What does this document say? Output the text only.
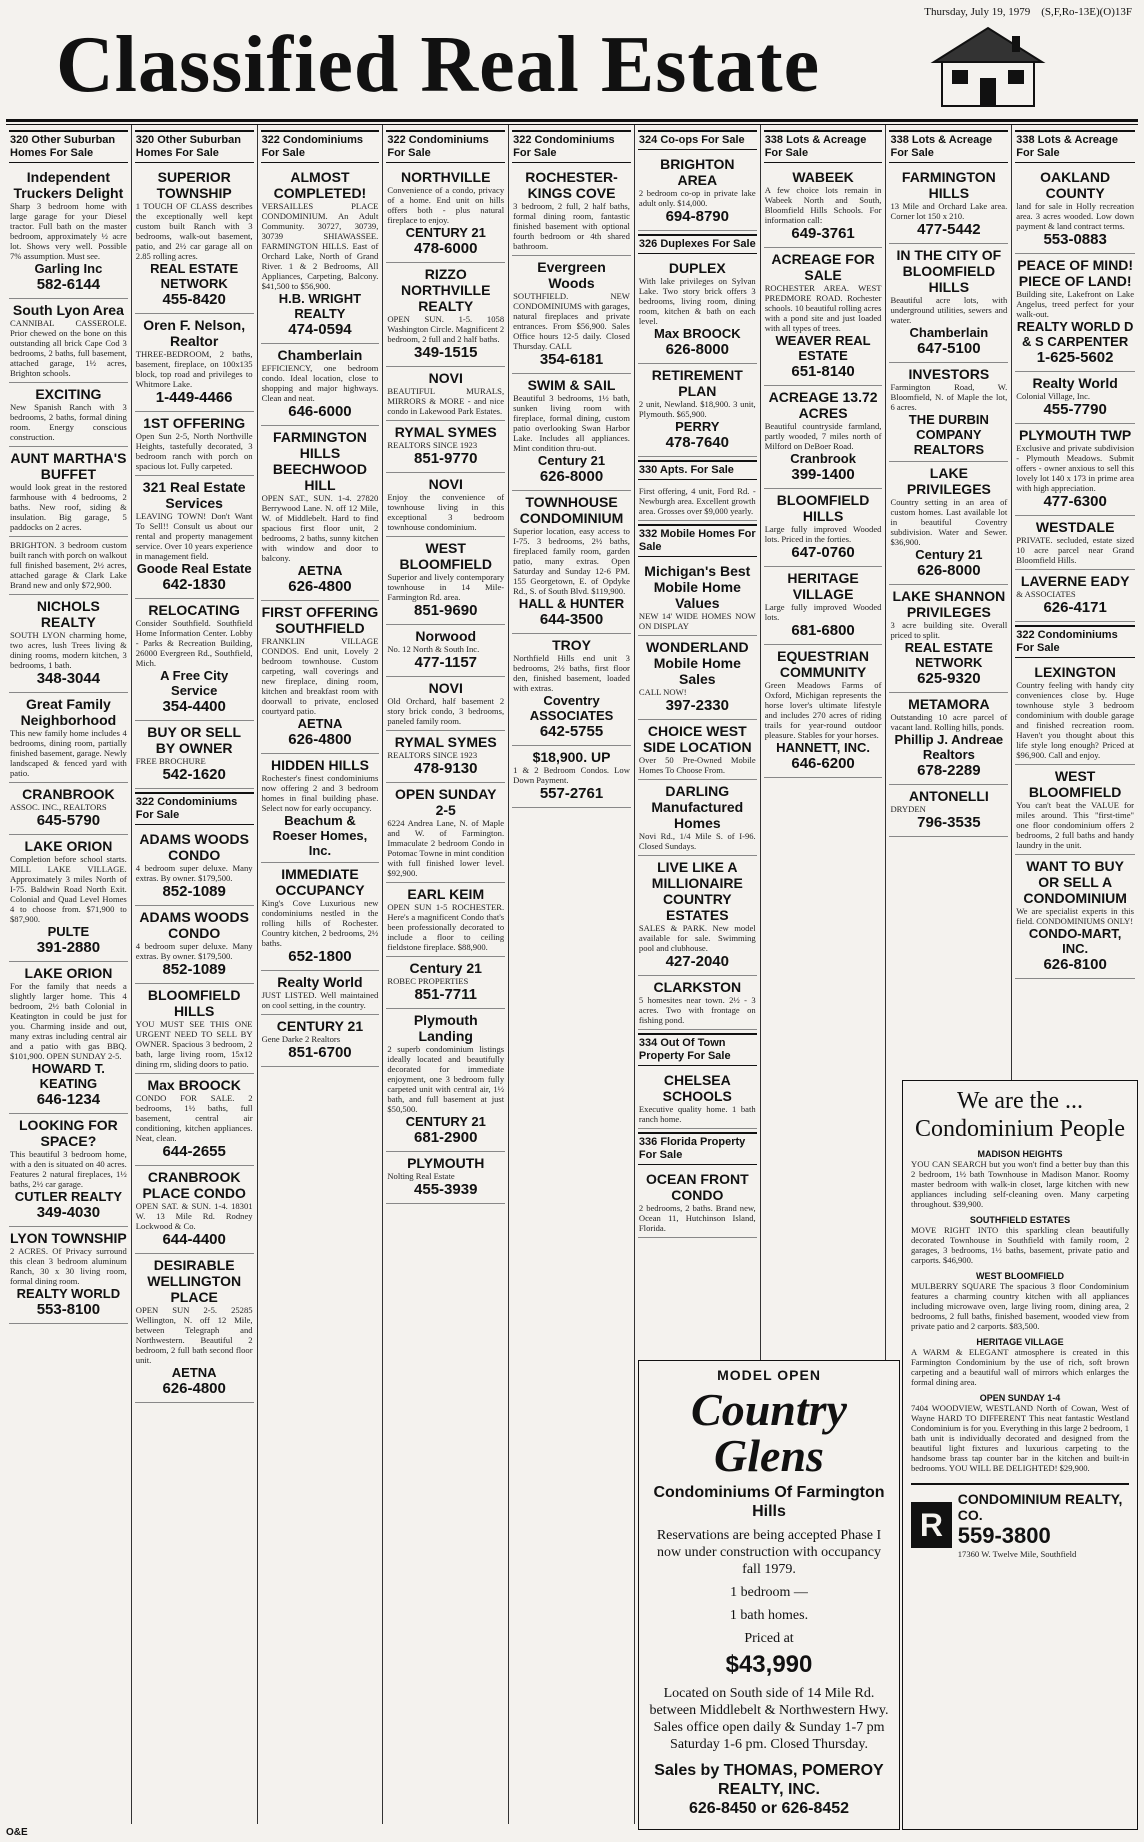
Thursday, July 19, 1979 (S,F,Ro-13E)(O)13F
Classified Real Estate
320 Other Suburban Homes For Sale
Independent Truckers Delight
Sharp 3 bedroom home with large garage for your Diesel tractor. Full bath on the master bedroom, approximately ½ acre lot. Shows very well. Possible 7% assumption. Must see.
Garling Inc
582-6144
South Lyon Area
CANNIBAL CASSEROLE. Prior chewed on the bone on this outstanding all brick Cape Cod 3 bedrooms, 2 baths, full basement, attached garage, 1½ acres, Brighton schools.
EXCITING
New Spanish Ranch with 3 bedrooms, 2 baths, formal dining room. Energy conscious construction.
AUNT MARTHA'S BUFFET
would look great in the restored farmhouse with 4 bedrooms, 2 baths. New roof, siding & insulation. Big garage, 5 paddocks on 2 acres.
BRIGHTON. 3 bedroom custom built ranch with porch on walkout full finished basement, 2½ acres, attached garage & Clark Lake Brand new and only $72,900.
NICHOLS REALTY
SOUTH LYON charming home, two acres, lush Trees living & dining rooms, modern kitchen, 3 bedrooms, 1 bath.
348-3044
Great Family Neighborhood
This new family home includes 4 bedrooms, dining room, partially finished basement, garage. Newly landscaped & fenced yard with patio.
CRANBROOK
ASSOC. INC., REALTORS
645-5790
LAKE ORION
Completion before school starts. MILL LAKE VILLAGE. Approximately 3 miles North of I-75. Baldwin Road North Exit. Colonial and Quad Level Homes 4 to choose from. $71,900 to $87,900.
PULTE
391-2880
LAKE ORION
For the family that needs a slightly larger home. This 4 bedroom, 2½ bath Colonial in Keatington in could be just for you. Charming inside and out, many extras including central air and a patio with gas BBQ. $101,900. OPEN SUNDAY 2-5.
HOWARD T. KEATING
646-1234
LOOKING FOR SPACE?
This beautiful 3 bedroom home, with a den is situated on 40 acres. Features 2 natural fireplaces, 1½ baths, 2½ car garage.
CUTLER REALTY
349-4030
LYON TOWNSHIP
2 ACRES. Of Privacy surround this clean 3 bedroom aluminum Ranch, 30 x 30 living room, formal dining room.
REALTY WORLD
553-8100
320 Other Suburban Homes For Sale
SUPERIOR TOWNSHIP
1 TOUCH OF CLASS describes the exceptionally well kept custom built Ranch with 3 bedrooms, walk-out basement, patio, and 2½ car garage all on 2.85 rolling acres.
REAL ESTATE NETWORK
455-8420
Oren F. Nelson, Realtor
THREE-BEDROOM, 2 baths, basement, fireplace, on 100x135 block, top road and privileges to Whitmore Lake.
1-449-4466
1ST OFFERING
Open Sun 2-5, North Northville Heights, tastefully decorated, 3 bedroom ranch with porch on spacious lot. Fully carpeted.
321 Real Estate Services
LEAVING TOWN! Don't Want To Sell!! Consult us about our rental and property management service. Over 10 years experience in management field.
Goode Real Estate
642-1830
RELOCATING
Consider Southfield. Southfield Home Information Center. Lobby - Parks & Recreation Building, 26000 Evergreen Rd., Southfield, Mich.
A Free City Service
354-4400
BUY OR SELL BY OWNER
FREE BROCHURE
542-1620
322 Condominiums For Sale
ADAMS WOODS CONDO
4 bedroom super deluxe. Many extras. By owner. $179,500.
852-1089
ADAMS WOODS CONDO
4 bedroom super deluxe. Many extras. By owner. $179,500.
852-1089
BLOOMFIELD HILLS
YOU MUST SEE THIS ONE URGENT NEED TO SELL BY OWNER. Spacious 3 bedroom, 2 bath, large living room, 15x12 dining rm, sliding doors to patio.
Max BROOCK
CONDO FOR SALE. 2 bedrooms, 1½ baths, full basement, central air conditioning, kitchen appliances. Neat, clean.
644-2655
CRANBROOK PLACE CONDO
OPEN SAT. & SUN. 1-4. 18301 W. 13 Mile Rd. Rodney Lockwood & Co.
644-4400
DESIRABLE WELLINGTON PLACE
OPEN SUN 2-5. 25285 Wellington, N. off 12 Mile, between Telegraph and Northwestern. Beautiful 2 bedroom, 2 full bath second floor unit.
AETNA
626-4800
322 Condominiums For Sale
ALMOST COMPLETED!
VERSAILLES PLACE CONDOMINIUM. An Adult Community. 30727, 30739, 30739 SHIAWASSEE. FARMINGTON HILLS. East of Orchard Lake, North of Grand River. 1 & 2 Bedrooms, All Appliances, Carpeting, Balcony. $41,500 to $56,900.
H.B. WRIGHT REALTY
474-0594
Chamberlain
EFFICIENCY, one bedroom condo. Ideal location, close to shopping and major highways. Clean and neat.
646-6000
FARMINGTON HILLS BEECHWOOD HILL
OPEN SAT., SUN. 1-4. 27820 Berrywood Lane. N. off 12 Mile, W. of Middlebelt. Hard to find spacious first floor unit, 2 bedrooms, 2 baths, sunny kitchen with window and door to balcony.
AETNA
626-4800
FIRST OFFERING SOUTHFIELD
FRANKLIN VILLAGE CONDOS. End unit, Lovely 2 bedroom townhouse. Custom carpeting, wall coverings and new fireplace, dining room, kitchen and breakfast room with doorwall to private, enclosed courtyard patio.
AETNA
626-4800
HIDDEN HILLS
Rochester's finest condominiums now offering 2 and 3 bedroom homes in final building phase. Select now for early occupancy.
Beachum & Roeser Homes, Inc.
IMMEDIATE OCCUPANCY
King's Cove Luxurious new condominiums nestled in the rolling hills of Rochester. Country kitchen, 2 bedrooms, 2½ baths.
652-1800
Realty World
JUST LISTED. Well maintained on cool setting, in the country.
CENTURY 21
Gene Darke 2 Realtors
851-6700
322 Condominiums For Sale
NORTHVILLE
Convenience of a condo, privacy of a home. End unit on hills offers both - plus natural fireplace to enjoy.
CENTURY 21
478-6000
RIZZO NORTHVILLE REALTY
OPEN SUN. 1-5. 1058 Washington Circle. Magnificent 2 bedroom, 2 full and 2 half baths.
349-1515
NOVI
BEAUTIFUL MURALS, MIRRORS & MORE - and nice condo in Lakewood Park Estates.
RYMAL SYMES
REALTORS SINCE 1923
851-9770
NOVI
Enjoy the convenience of townhouse living in this exceptional 3 bedroom townhouse condominium.
WEST BLOOMFIELD
Superior and lively contemporary townhouse in 14 Mile-Farmington Rd. area.
851-9690
Norwood
No. 12 North & South Inc.
477-1157
NOVI
Old Orchard, half basement 2 story brick condo, 3 bedrooms, paneled family room.
RYMAL SYMES
REALTORS SINCE 1923
478-9130
OPEN SUNDAY 2-5
6224 Andrea Lane, N. of Maple and W. of Farmington. Immaculate 2 bedroom Condo in Potomac Towne in mint condition with full finished lower level. $92,900.
EARL KEIM
OPEN SUN 1-5 ROCHESTER. Here's a magnificent Condo that's been professionally decorated to include a floor to ceiling fieldstone fireplace. $88,900.
Century 21
ROBEC PROPERTIES
851-7711
Plymouth Landing
2 superb condominium listings ideally located and beautifully decorated for immediate enjoyment, one 3 bedroom fully carpeted unit with central air, 1½ bath, and full basement at just $50,500.
CENTURY 21
681-2900
PLYMOUTH
Nolting Real Estate
455-3939
322 Condominiums For Sale
ROCHESTER-KINGS COVE
3 bedroom, 2 full, 2 half baths, formal dining room, fantastic finished basement with optional fourth bedroom or 4th shared bathroom.
Evergreen Woods
SOUTHFIELD. NEW CONDOMINIUMS with garages, natural fireplaces and private entrances. From $56,900. Sales Office hours 12-5 daily. Closed Thursday. CALL
354-6181
SWIM & SAIL
Beautiful 3 bedrooms, 1½ bath, sunken living room with fireplace, formal dining, custom patio overlooking Swan Harbor Lake. Includes all appliances. Mint condition thru-out.
Century 21
626-8000
TOWNHOUSE CONDOMINIUM
Superior location, easy access to I-75. 3 bedrooms, 2½ baths, fireplaced family room, garden patio, many extras. Open Saturday and Sunday 12-6 PM. 155 Georgetown, E. of Opdyke Rd., S. of South Blvd. $119,900.
HALL & HUNTER
644-3500
TROY
Northfield Hills end unit 3 bedrooms, 2½ baths, first floor den, finished basement, loaded with extras.
Coventry ASSOCIATES
642-5755
$18,900. UP
1 & 2 Bedroom Condos. Low Down Payment.
557-2761
324 Co-ops For Sale
BRIGHTON AREA
2 bedroom co-op in private lake adult only. $14,000.
694-8790
326 Duplexes For Sale
DUPLEX
With lake privileges on Sylvan Lake. Two story brick offers 3 bedrooms, living room, dining room, kitchen & bath on each level.
Max BROOCK
626-8000
RETIREMENT PLAN
2 unit, Newland. $18,900. 3 unit, Plymouth. $65,900.
PERRY
478-7640
330 Apts. For Sale
First offering, 4 unit, Ford Rd. - Newburgh area. Excellent growth area. Grosses over $9,000 yearly.
332 Mobile Homes For Sale
Michigan's Best Mobile Home Values
NEW 14' WIDE HOMES NOW ON DISPLAY
WONDERLAND Mobile Home Sales
CALL NOW!
397-2330
CHOICE WEST SIDE LOCATION
Over 50 Pre-Owned Mobile Homes To Choose From.
DARLING Manufactured Homes
Novi Rd., 1/4 Mile S. of I-96. Closed Sundays.
LIVE LIKE A MILLIONAIRE COUNTRY ESTATES
SALES & PARK. New model available for sale. Swimming pool and clubhouse.
427-2040
CLARKSTON
5 homesites near town. 2½ - 3 acres. Two with frontage on fishing pond.
334 Out Of Town Property For Sale
CHELSEA SCHOOLS
Executive quality home. 1 bath ranch home.
336 Florida Property For Sale
OCEAN FRONT CONDO
2 bedrooms, 2 baths. Brand new, Ocean 11, Hutchinson Island, Florida.
338 Lots & Acreage For Sale
WABEEK
A few choice lots remain in Wabeek North and South, Bloomfield Hills Schools. For information call:
649-3761
ACREAGE FOR SALE
ROCHESTER AREA. WEST PREDMORE ROAD. Rochester schools. 10 beautiful rolling acres with a pond site and just loaded with all types of trees.
WEAVER REAL ESTATE
651-8140
ACREAGE 13.72 ACRES
Beautiful countryside farmland, partly wooded, 7 miles north of Milford on DeBoer Road.
Cranbrook
399-1400
BLOOMFIELD HILLS
Large fully improved Wooded lots. Priced in the forties.
647-0760
HERITAGE VILLAGE
Large fully improved Wooded lots.
681-6800
EQUESTRIAN COMMUNITY
Green Meadows Farms of Oxford, Michigan represents the horse lover's ultimate lifestyle and includes 270 acres of riding trails for year-round outdoor pleasure. Stables for your horses.
HANNETT, INC.
646-6200
338 Lots & Acreage For Sale
FARMINGTON HILLS
13 Mile and Orchard Lake area. Corner lot 150 x 210.
477-5442
IN THE CITY OF BLOOMFIELD HILLS
Beautiful acre lots, with underground utilities, sewers and water.
Chamberlain
647-5100
INVESTORS
Farmington Road, W. Bloomfield, N. of Maple the lot, 6 acres.
THE DURBIN COMPANY REALTORS
LAKE PRIVILEGES
Country setting in an area of custom homes. Last available lot in beautiful Coventry subdivision. Water and Sewer. $36,900.
Century 21
626-8000
LAKE SHANNON PRIVILEGES
3 acre building site. Overall priced to split.
REAL ESTATE NETWORK
625-9320
METAMORA
Outstanding 10 acre parcel of vacant land. Rolling hills, ponds.
Phillip J. Andreae Realtors
678-2289
ANTONELLI
DRYDEN
796-3535
338 Lots & Acreage For Sale
OAKLAND COUNTY
land for sale in Holly recreation area. 3 acres wooded. Low down payment & land contract terms.
553-0883
PEACE OF MIND! PIECE OF LAND!
Building site, Lakefront on Lake Angelus, treed perfect for your walk-out.
REALTY WORLD D & S CARPENTER
1-625-5602
Realty World
Colonial Village, Inc.
455-7790
PLYMOUTH TWP
Exclusive and private subdivision - Plymouth Meadows. Submit offers - owner anxious to sell this lovely lot 140 x 173 in prime area with high appreciation.
477-6300
WESTDALE
PRIVATE. secluded, estate sized 10 acre parcel near Grand Bloomfield Hills.
LAVERNE EADY
& ASSOCIATES
626-4171
322 Condominiums For Sale
LEXINGTON
Country feeling with handy city conveniences close by. Huge townhouse style 3 bedroom condominium with double garage and finished recreation room. Haven't you thought about this life style long enough? Priced at $96,900. Call and enjoy.
WEST BLOOMFIELD
You can't beat the VALUE for miles around. This "first-time" one floor condominium offers 2 bedrooms, 2 full baths and handy laundry in the unit.
WANT TO BUY OR SELL A CONDOMINIUM
We are specialist experts in this field. CONDOMINIUMS ONLY!
CONDO-MART, INC.
626-8100
MODEL OPEN
Country Glens
Condominiums Of Farmington Hills
Reservations are being accepted Phase I now under construction with occupancy fall 1979.
1 bedroom —
1 bath homes.
Priced at
$43,990
Located on South side of 14 Mile Rd. between Middlebelt & Northwestern Hwy. Sales office open daily & Sunday 1-7 pm Saturday 1-6 pm. Closed Thursday.
Sales by THOMAS, POMEROY REALTY, INC.
626-8450 or 626-8452
We are the ... Condominium People
MADISON HEIGHTS
YOU CAN SEARCH but you won't find a better buy than this 2 bedroom, 1½ bath Townhouse in Madison Manor. Roomy master bedroom with walk-in closet, large kitchen with new appliances including self-cleaning oven. Many carpeting throughout. $39,900.
SOUTHFIELD ESTATES
MOVE RIGHT INTO this sparkling clean beautifully decorated Townhouse in Southfield with family room, 2 garages, 3 bedrooms, 1½ baths, basement, private patio and carports. $46,900.
WEST BLOOMFIELD
MULBERRY SQUARE The spacious 3 floor Condominium features a charming country kitchen with all appliances including microwave oven, large living room, dining area, 2 bedrooms, 2 full baths, finished basement, wooded view from private patio and 2 carports. $83,500.
HERITAGE VILLAGE
A WARM & ELEGANT atmosphere is created in this Farmington Condominium by the use of rich, soft brown carpeting and a beautiful wall of mirrors which enlarges the formal dining area.
OPEN SUNDAY 1-4
7404 WOODVIEW, WESTLAND North of Cowan, West of Wayne HARD TO DIFFERENT This neat fantastic Westland Condominium is for you. Everything in this large 2 bedroom, 1 bath unit is individually decorated and designed from the beautiful light fixtures and luxurious carpeting to the handsome brass tap counter bar in the kitchen and built-in bedrooms. YOU WILL BE DELIGHTED! $29,900.
R
CONDOMINIUM REALTY, CO.
559-3800
17360 W. Twelve Mile, Southfield
O&E
